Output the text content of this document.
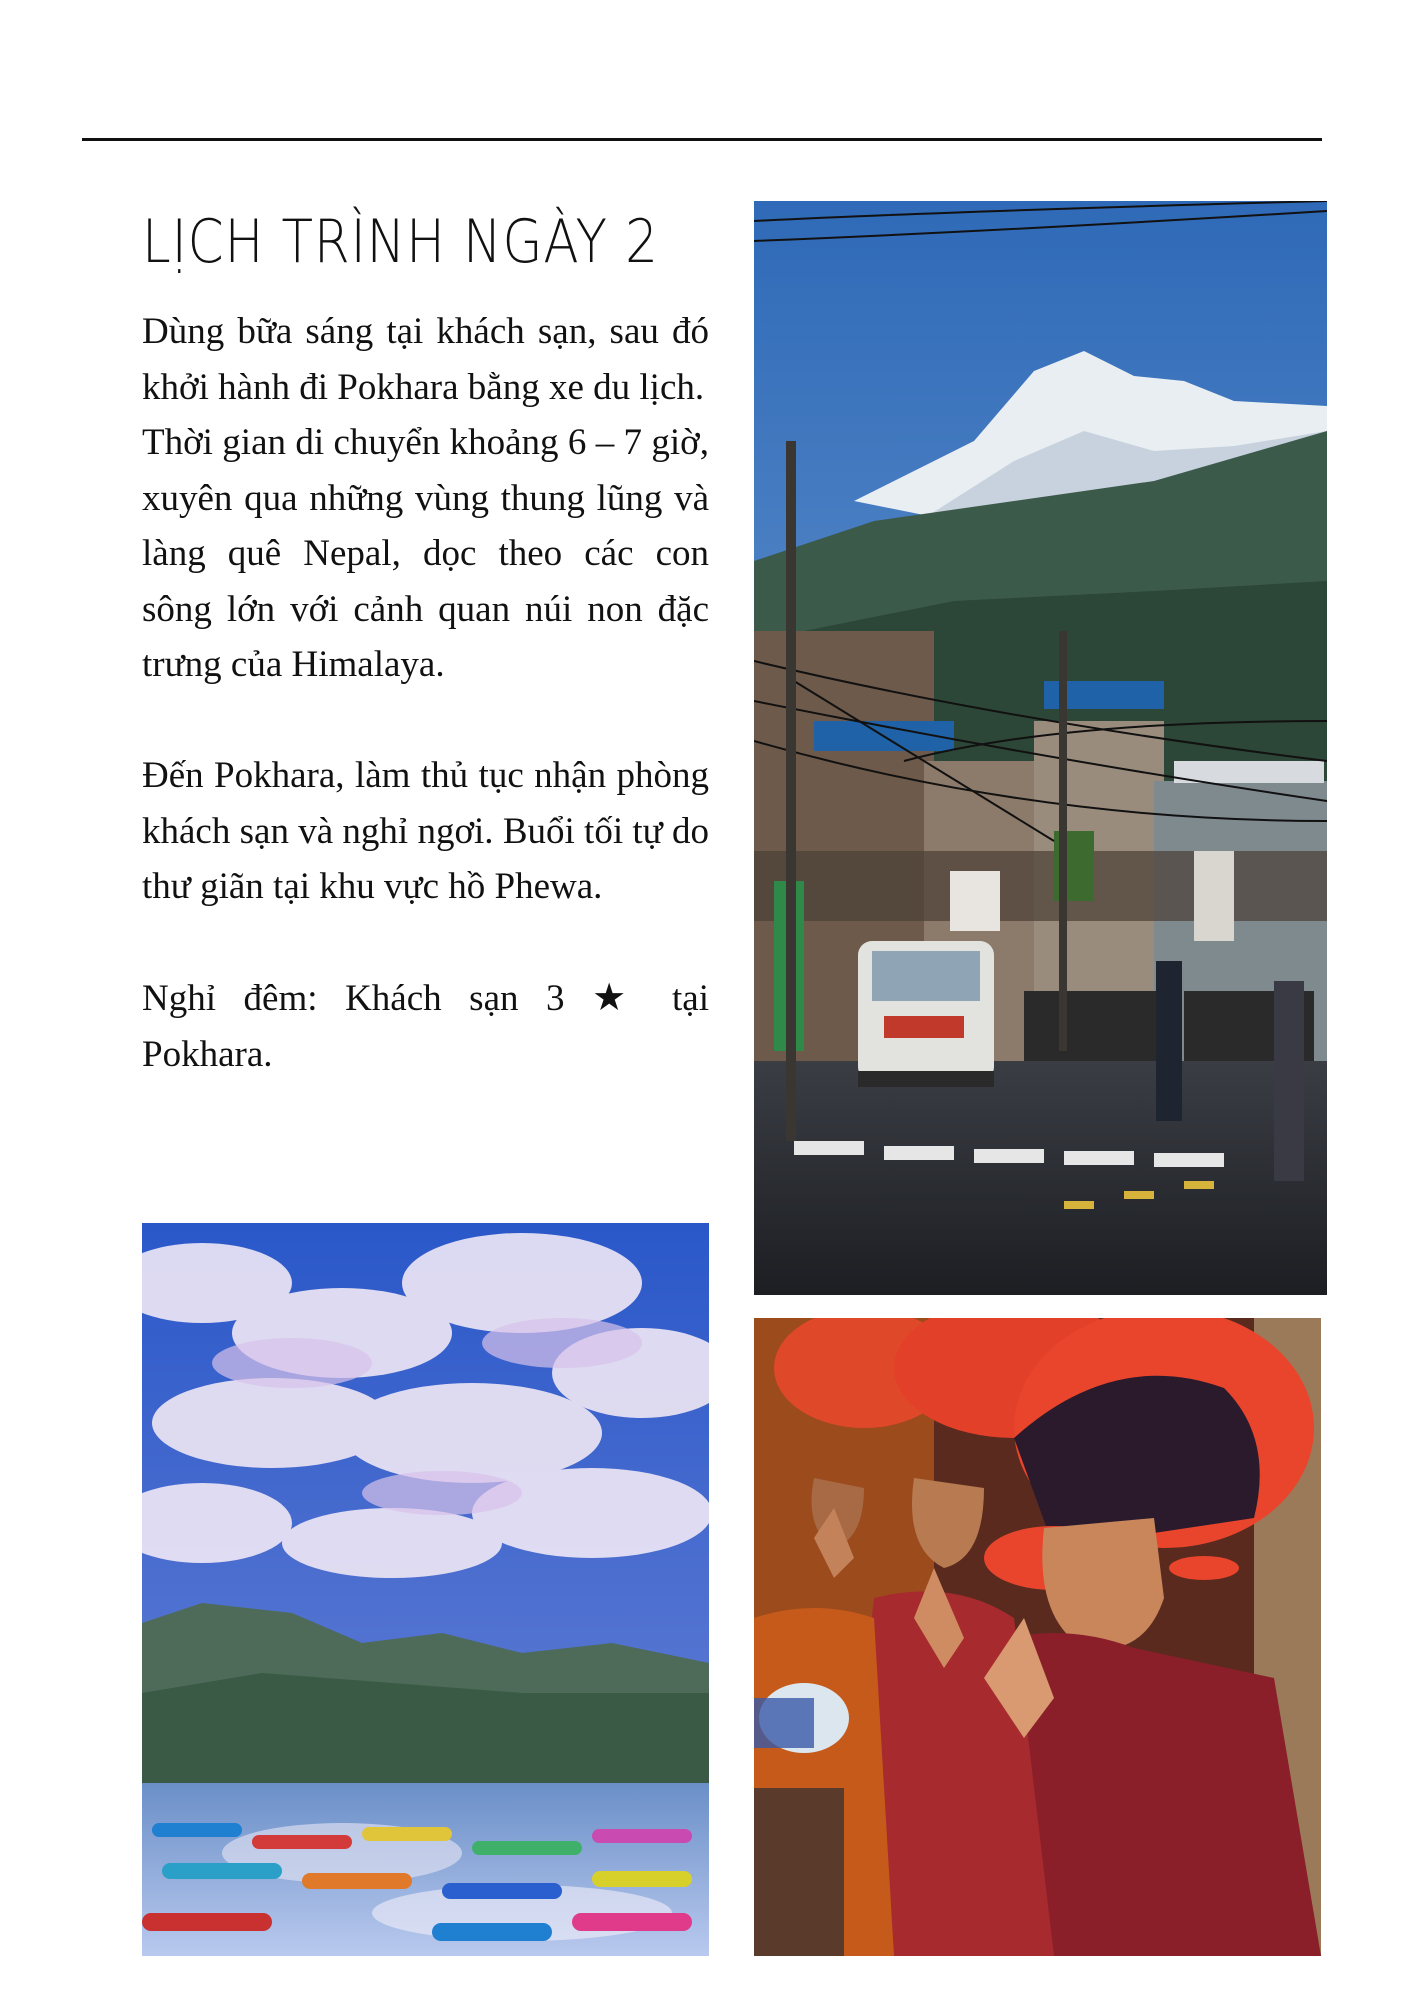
LỊCH TRÌNH NGÀY 2

Dùng bữa sáng tại khách sạn, sau đó khởi hành đi Pokhara bằng xe du lịch.

Thời gian di chuyển khoảng 6 – 7 giờ, xuyên qua những vùng thung lũng và làng quê Nepal, dọc theo các con sông lớn với cảnh quan núi non đặc trưng của Himalaya.

Đến Pokhara, làm thủ tục nhận phòng khách sạn và nghỉ ngơi. Buổi tối tự do thư giãn tại khu vực hồ Phewa.

Nghỉ đêm: Khách sạn 3 ★ tại Pokhara.
